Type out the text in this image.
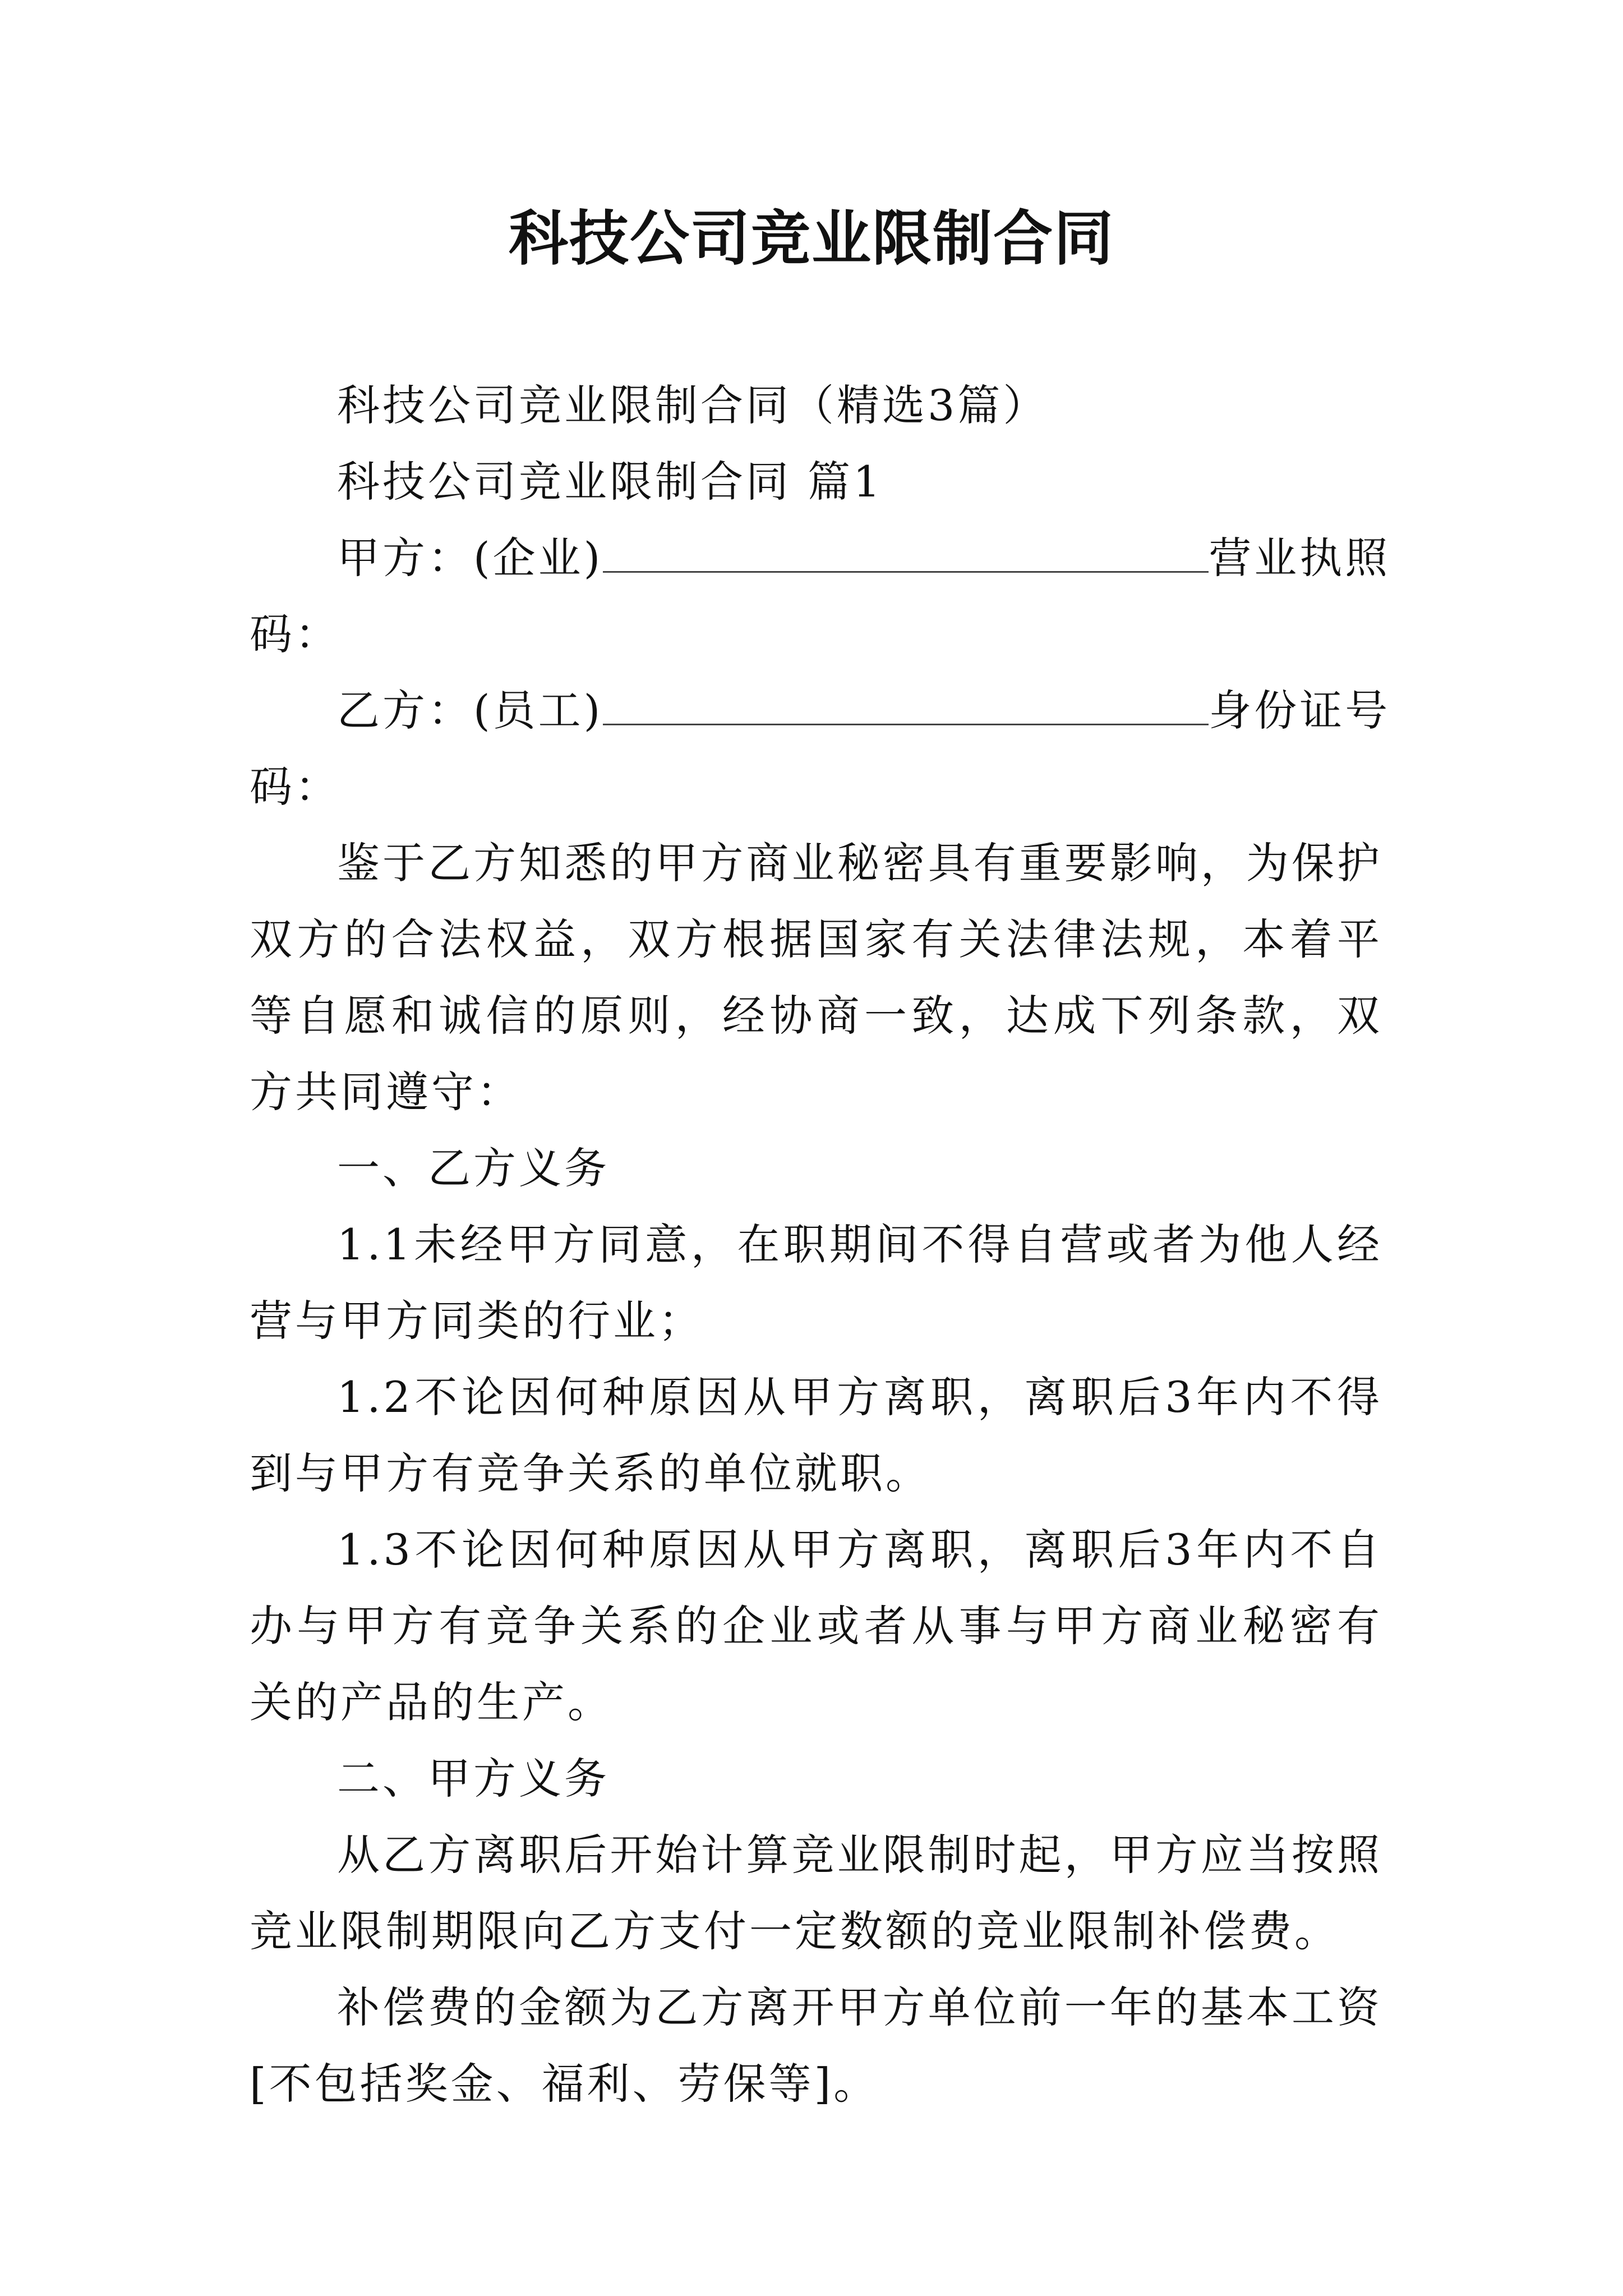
科技公司竞业限制合同

科技公司竞业限制合同（精选3篇）

科技公司竞业限制合同 篇1

甲方：(企业)	营业执照

码：

乙方：(员工)	身份证号

码：

鉴于乙方知悉的甲方商业秘密具有重要影响，为保护双方的合法权益，双方根据国家有关法律法规，本着平等自愿和诚信的原则，经协商一致，达成下列条款，双方共同遵守：

一、乙方义务

1.1未经甲方同意，在职期间不得自营或者为他人经营与甲方同类的行业；

1.2不论因何种原因从甲方离职，离职后3年内不得到与甲方有竞争关系的单位就职。

1.3不论因何种原因从甲方离职，离职后3年内不自办与甲方有竞争关系的企业或者从事与甲方商业秘密有关的产品的生产。

二、甲方义务

从乙方离职后开始计算竞业限制时起，甲方应当按照竞业限制期限向乙方支付一定数额的竞业限制补偿费。

补偿费的金额为乙方离开甲方单位前一年的基本工资[不包括奖金、福利、劳保等]。
